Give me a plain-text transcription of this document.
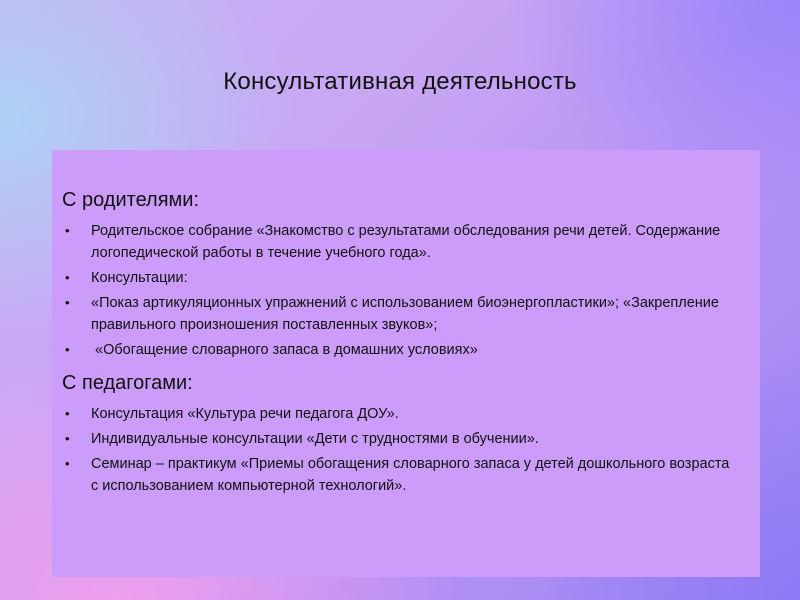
Консультативная деятельность
С родителями:
• Родительское собрание «Знакомство с результатами обследования речи детей. Содержание логопедической работы в течение учебного года».
• Консультации:
• «Показ артикуляционных упражнений с использованием биоэнергопластики»; «Закрепление правильного произношения поставленных звуков»;
• «Обогащение словарного запаса в домашних условиях»
С педагогами:
• Консультация «Культура речи педагога ДОУ».
• Индивидуальные консультации «Дети с трудностями в обучении».
• Семинар – практикум «Приемы обогащения словарного запаса у детей дошкольного возраста с использованием компьютерной технологий».
